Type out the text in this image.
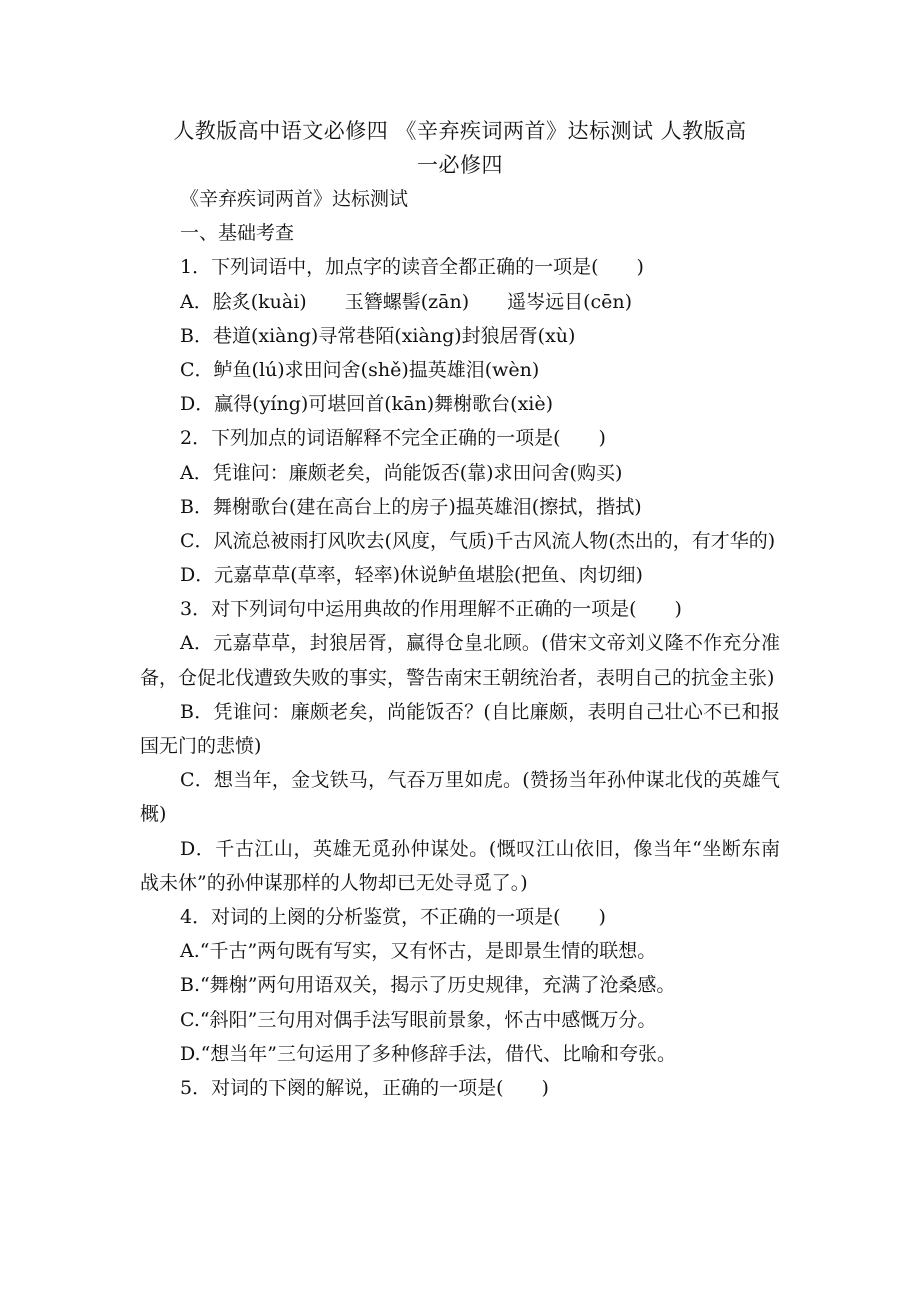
人教版高中语文必修四 《辛弃疾词两首》达标测试 人教版高
一必修四
《辛弃疾词两首》达标测试
一、基础考查
1．下列词语中，加点字的读音全都正确的一项是(　　)
A．脍炙(kuài)　　玉簪螺髻(zān)　　遥岑远目(cēn)
B．巷道(xiàng)寻常巷陌(xiàng)封狼居胥(xù)
C．鲈鱼(lú)求田问舍(shě)揾英雄泪(wèn)
D．赢得(yíng)可堪回首(kān)舞榭歌台(xiè)
2．下列加点的词语解释不完全正确的一项是(　　)
A．凭谁问：廉颇老矣，尚能饭否(靠)求田问舍(购买)
B．舞榭歌台(建在高台上的房子)揾英雄泪(擦拭，揩拭)
C．风流总被雨打风吹去(风度，气质)千古风流人物(杰出的，有才华的)
D．元嘉草草(草率，轻率)休说鲈鱼堪脍(把鱼、肉切细)
3．对下列词句中运用典故的作用理解不正确的一项是(　　)
A．元嘉草草，封狼居胥，赢得仓皇北顾。(借宋文帝刘义隆不作充分准备，仓促北伐遭致失败的事实，警告南宋王朝统治者，表明自己的抗金主张)
B．凭谁问：廉颇老矣，尚能饭否？(自比廉颇，表明自己壮心不已和报国无门的悲愤)
C．想当年，金戈铁马，气吞万里如虎。(赞扬当年孙仲谋北伐的英雄气概)
D．千古江山，英雄无觅孙仲谋处。(慨叹江山依旧，像当年“坐断东南战未休”的孙仲谋那样的人物却已无处寻觅了。)
4．对词的上阕的分析鉴赏，不正确的一项是(　　)
A.“千古”两句既有写实，又有怀古，是即景生情的联想。
B.“舞榭”两句用语双关，揭示了历史规律，充满了沧桑感。
C.“斜阳”三句用对偶手法写眼前景象，怀古中感慨万分。
D.“想当年”三句运用了多种修辞手法，借代、比喻和夸张。
5．对词的下阕的解说，正确的一项是(　　)
